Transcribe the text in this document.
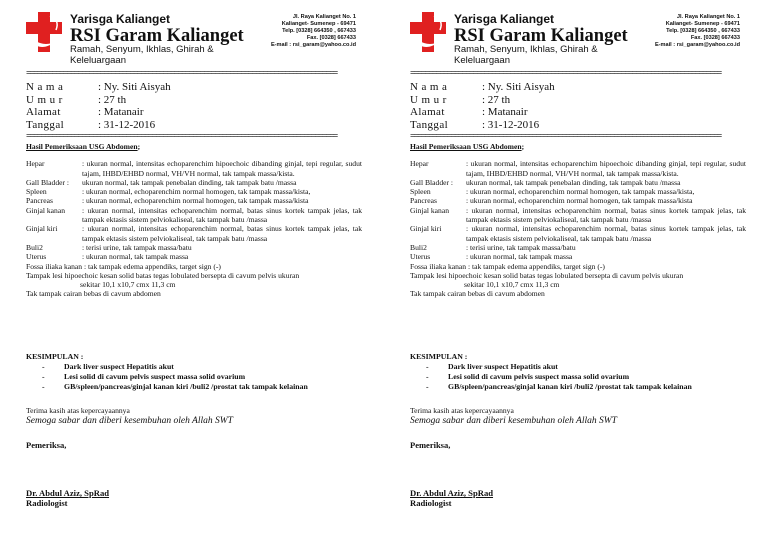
Yarisga Kalianget
RSI Garam Kalianget
Ramah, Senyum, Ikhlas, Ghirah & Keleluargaan
Jl. Raya Kalianget No. 1
Kalianget- Sumenep - 69471
Telp. [0328] 664350 , 667433
Fax. [0328] 667433
E-mail : rsi_garam@yahoo.co.id
====================================================================================
N a m a	: Ny. Siti Aisyah
U m u r	: 27 th
Alamat	: Matanair
Tanggal	: 31-12-2016
====================================================================================
Hasil Pemeriksaan USG Abdomen;
Hepar	: ukuran normal, intensitas echoparenchim hipoechoic dibanding ginjal, tepi regular, sudut tajam, IHBD/EHBD normal, VH/VH normal, tak tampak massa/kista.
Gall Bladder :	ukuran normal, tak tampak penebalan dinding, tak tampak batu /massa
Spleen	: ukuran normal, echoparenchim normal homogen, tak tampak massa/kista,
Pancreas	: ukuran normal, echoparenchim normal homogen, tak tampak massa/kista
Ginjal kanan	: ukuran normal, intensitas echoparenchim normal, batas sinus kortek tampak jelas, tak tampak ektasis sistem pelviokaliseal, tak tampak batu /massa
Ginjal kiri	: ukuran normal, intensitas echoparenchim normal, batas sinus kortek tampak jelas, tak tampak ektasis sistem pelviokaliseal, tak tampak batu /massa
Buli2	: terisi urine, tak tampak massa/batu
Uterus	: ukuran normal, tak tampak massa
Fossa iliaka kanan : tak tampak edema appendiks, target sign (-)
Tampak lesi hipoechoic kesan solid batas tegas lobulated bersepta di cavum pelvis ukuran
sekitar 10,1 x10,7 cmx 11,3 cm
Tak tampak cairan bebas di cavum abdomen
KESIMPULAN :
-	Dark liver suspect Hepatitis akut
-	Lesi solid di cavum pelvis suspect massa solid ovarium
-	GB/spleen/pancreas/ginjal kanan kiri /buli2 /prostat tak tampak kelainan
Terima kasih atas kepercayaannya
Semoga sabar dan diberi kesembuhan oleh Allah SWT
Pemeriksa,
Dr. Abdul Aziz, SpRad
Radiologist
Yarisga Kalianget
RSI Garam Kalianget
Ramah, Senyum, Ikhlas, Ghirah & Keleluargaan
Jl. Raya Kalianget No. 1
Kalianget- Sumenep - 69471
Telp. [0328] 664350 , 667433
Fax. [0328] 667433
E-mail : rsi_garam@yahoo.co.id
====================================================================================
N a m a	: Ny. Siti Aisyah
U m u r	: 27 th
Alamat	: Matanair
Tanggal	: 31-12-2016
====================================================================================
Hasil Pemeriksaan USG Abdomen;
Hepar	: ukuran normal, intensitas echoparenchim hipoechoic dibanding ginjal, tepi regular, sudut tajam, IHBD/EHBD normal, VH/VH normal, tak tampak massa/kista.
Gall Bladder :	ukuran normal, tak tampak penebalan dinding, tak tampak batu /massa
Spleen	: ukuran normal, echoparenchim normal homogen, tak tampak massa/kista,
Pancreas	: ukuran normal, echoparenchim normal homogen, tak tampak massa/kista
Ginjal kanan	: ukuran normal, intensitas echoparenchim normal, batas sinus kortek tampak jelas, tak tampak ektasis sistem pelviokaliseal, tak tampak batu /massa
Ginjal kiri	: ukuran normal, intensitas echoparenchim normal, batas sinus kortek tampak jelas, tak tampak ektasis sistem pelviokaliseal, tak tampak batu /massa
Buli2	: terisi urine, tak tampak massa/batu
Uterus	: ukuran normal, tak tampak massa
Fossa iliaka kanan : tak tampak edema appendiks, target sign (-)
Tampak lesi hipoechoic kesan solid batas tegas lobulated bersepta di cavum pelvis ukuran
sekitar 10,1 x10,7 cmx 11,3 cm
Tak tampak cairan bebas di cavum abdomen
KESIMPULAN :
-	Dark liver suspect Hepatitis akut
-	Lesi solid di cavum pelvis suspect massa solid ovarium
-	GB/spleen/pancreas/ginjal kanan kiri /buli2 /prostat tak tampak kelainan
Terima kasih atas kepercayaannya
Semoga sabar dan diberi kesembuhan oleh Allah SWT
Pemeriksa,
Dr. Abdul Aziz, SpRad
Radiologist
